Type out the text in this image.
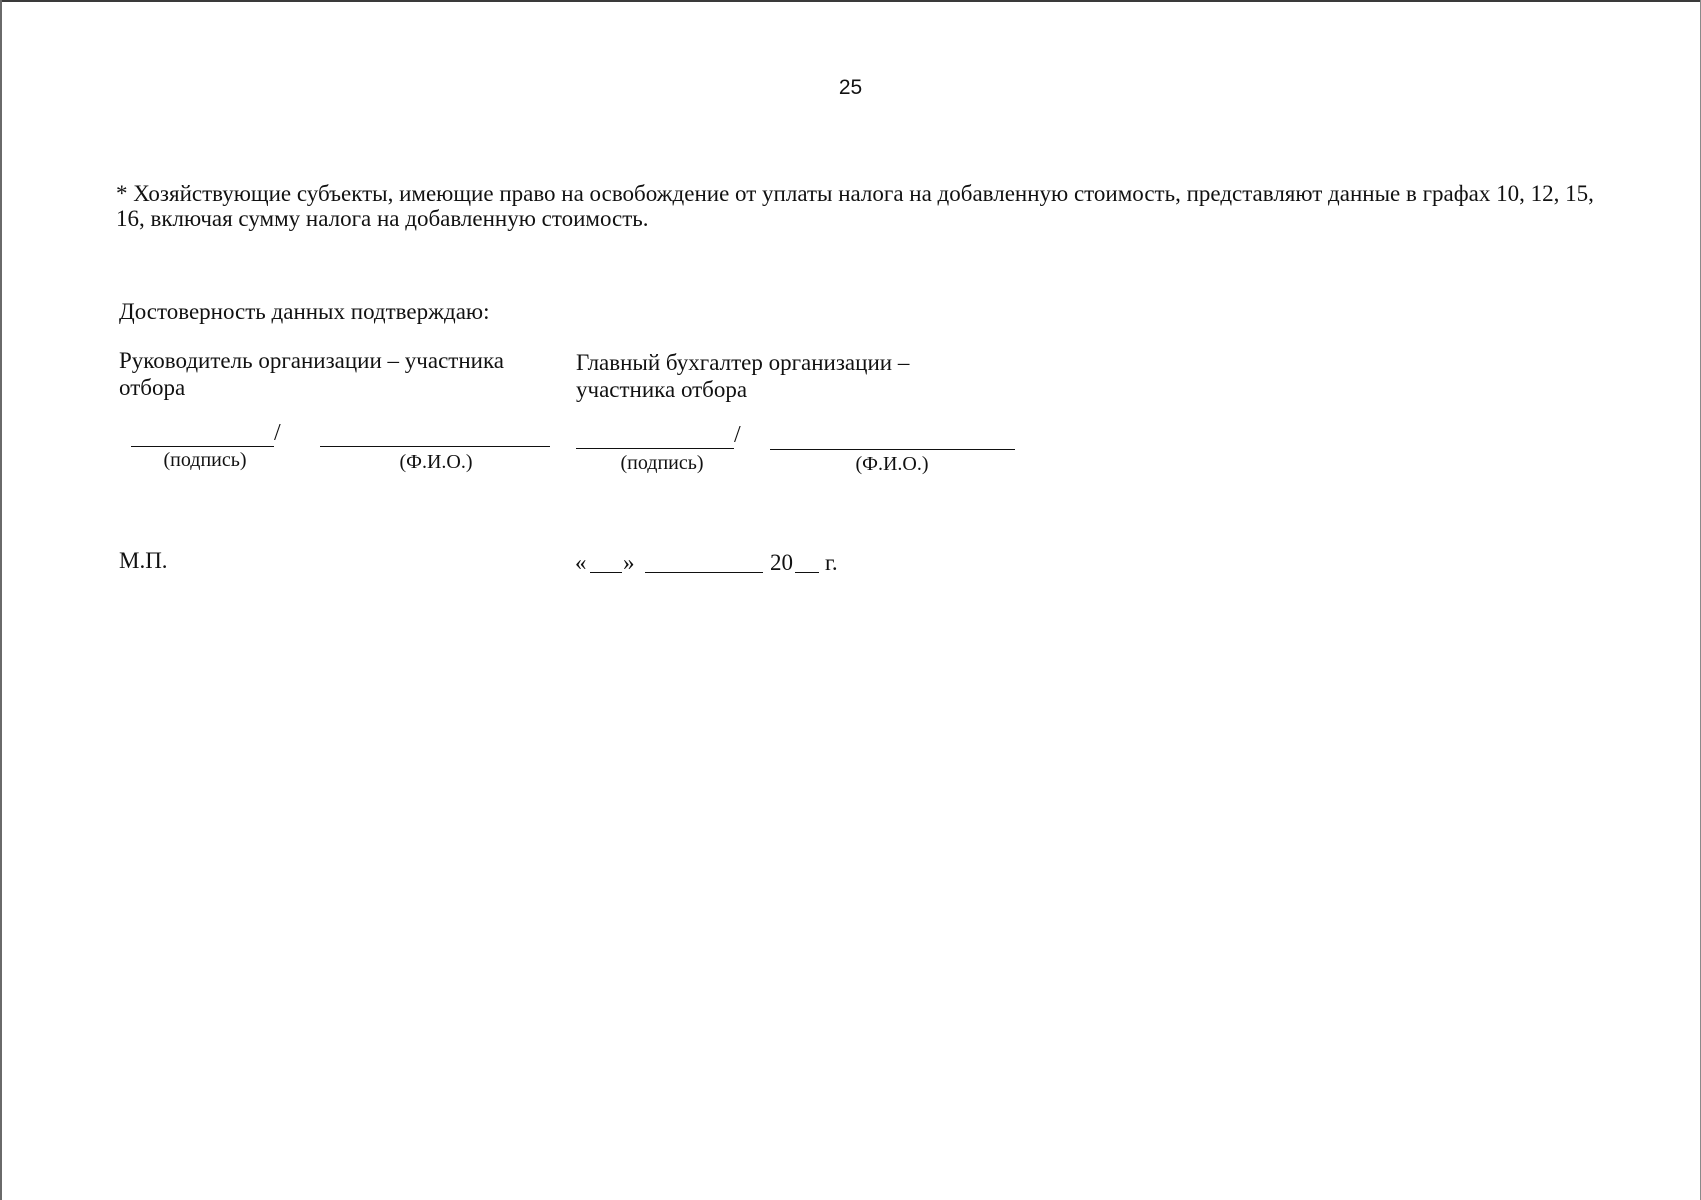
25
* Хозяйствующие субъекты, имеющие право на освобождение от уплаты налога на добавленную стоимость, представляют данные в графах 10, 12, 15, 16, включая сумму налога на добавленную стоимость.
Достоверность данных подтверждаю:
Руководитель организации – участника
отбора
/
(подпись)	(Ф.И.О.)
Главный бухгалтер организации –
участника отбора
/
(подпись)	(Ф.И.О.)
М.П.	« »	20 г.
